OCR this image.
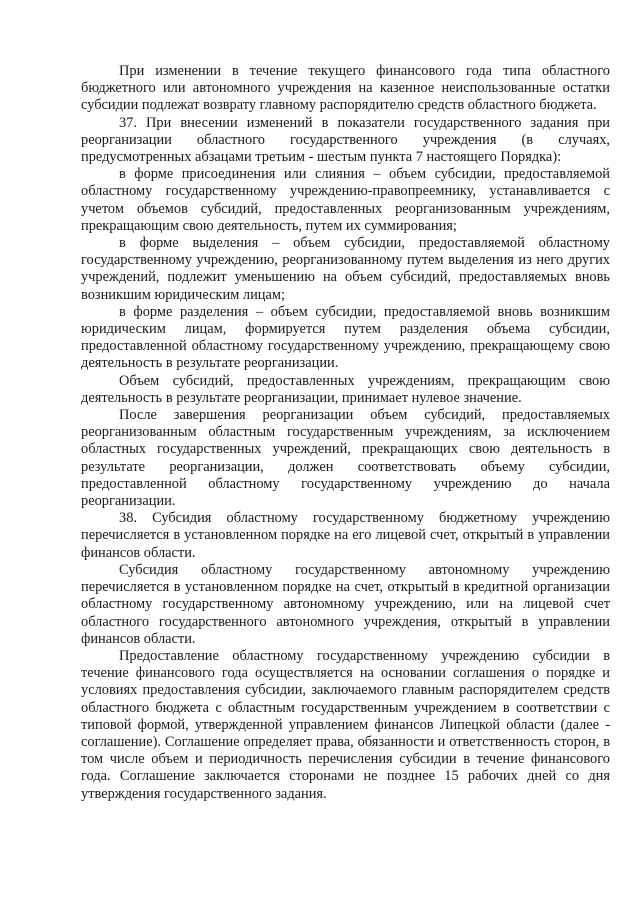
При изменении в течение текущего финансового года типа областного бюджетного или автономного учреждения на казенное неиспользованные остатки субсидии подлежат возврату главному распорядителю средств областного бюджета.

37. При внесении изменений в показатели государственного задания при реорганизации областного государственного учреждения (в случаях, предусмотренных абзацами третьим - шестым пункта 7 настоящего Порядка):

в форме присоединения или слияния – объем субсидии, предоставляемой областному государственному учреждению-правопреемнику, устанавливается с учетом объемов субсидий, предоставленных реорганизованным учреждениям, прекращающим свою деятельность, путем их суммирования;

в форме выделения – объем субсидии, предоставляемой областному государственному учреждению, реорганизованному путем выделения из него других учреждений, подлежит уменьшению на объем субсидий, предоставляемых вновь возникшим юридическим лицам;

в форме разделения – объем субсидии, предоставляемой вновь возникшим юридическим лицам, формируется путем разделения объема субсидии, предоставленной областному государственному учреждению, прекращающему свою деятельность в результате реорганизации.

Объем субсидий, предоставленных учреждениям, прекращающим свою деятельность в результате реорганизации, принимает нулевое значение.

После завершения реорганизации объем субсидий, предоставляемых реорганизованным областным государственным учреждениям, за исключением областных государственных учреждений, прекращающих свою деятельность в результате реорганизации, должен соответствовать объему субсидии, предоставленной областному государственному учреждению до начала реорганизации.

38. Субсидия областному государственному бюджетному учреждению перечисляется в установленном порядке на его лицевой счет, открытый в управлении финансов области.

Субсидия областному государственному автономному учреждению перечисляется в установленном порядке на счет, открытый в кредитной организации областному государственному автономному учреждению, или на лицевой счет областного государственного автономного учреждения, открытый в управлении финансов области.

Предоставление областному государственному учреждению субсидии в течение финансового года осуществляется на основании соглашения о порядке и условиях предоставления субсидии, заключаемого главным распорядителем средств областного бюджета с областным государственным учреждением в соответствии с типовой формой, утвержденной управлением финансов Липецкой области (далее - соглашение). Соглашение определяет права, обязанности и ответственность сторон, в том числе объем и периодичность перечисления субсидии в течение финансового года. Соглашение заключается сторонами не позднее 15 рабочих дней со дня утверждения государственного задания.
